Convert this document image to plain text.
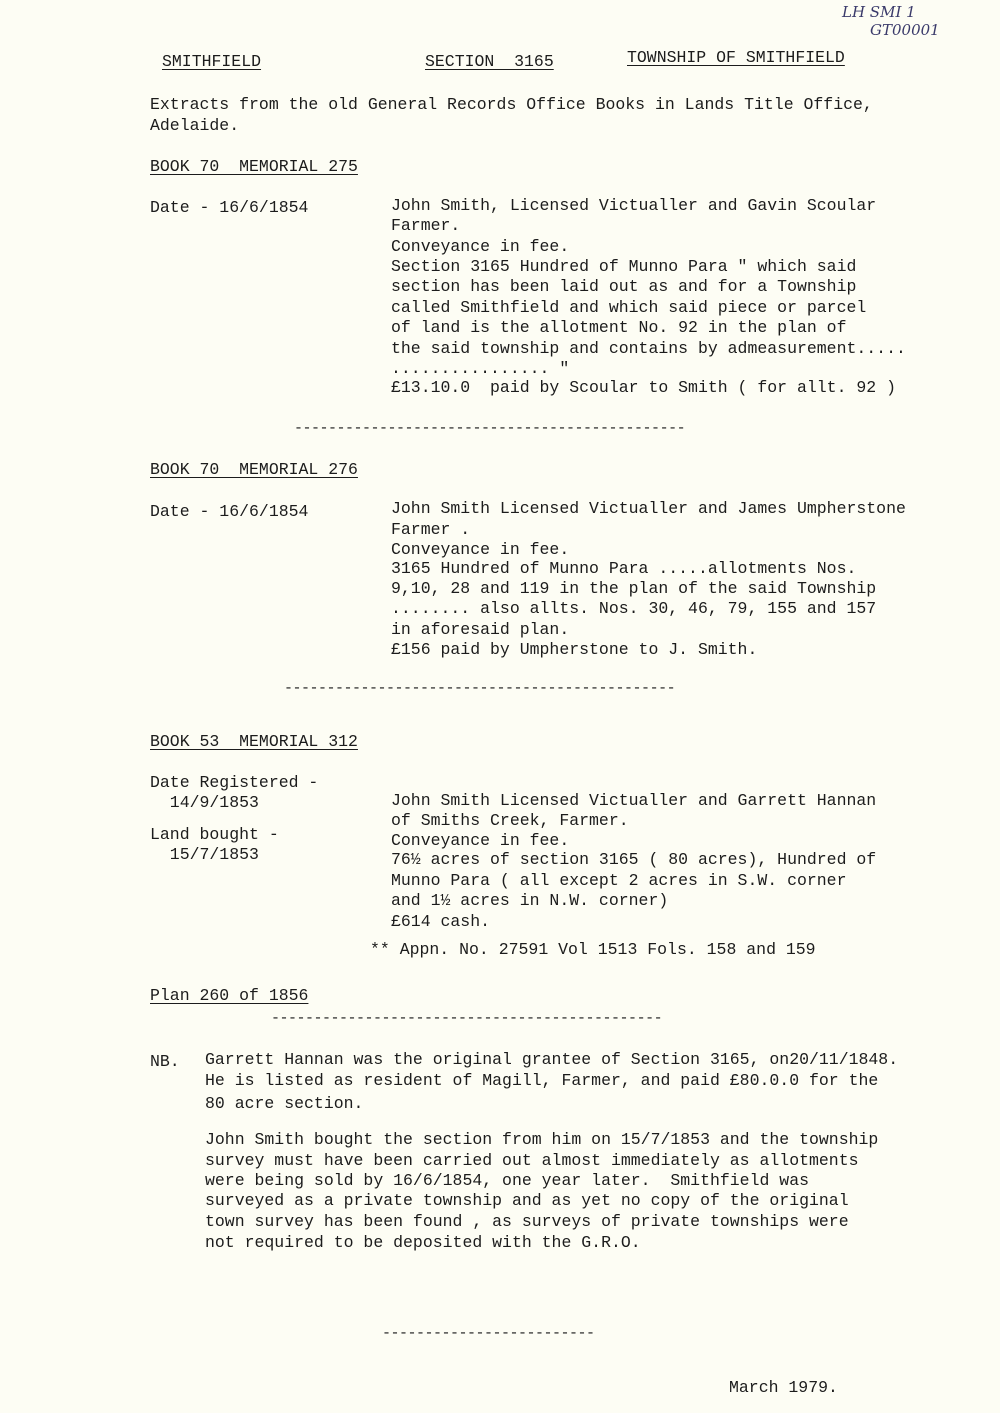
LH SMI 1
GT00001
SMITHFIELD	SECTION  3165	TOWNSHIP OF SMITHFIELD
Extracts from the old General Records Office Books in Lands Title Office,
Adelaide.
BOOK 70  MEMORIAL 275
Date - 16/6/1854	John Smith, Licensed Victualler and Gavin Scoular
Farmer.
Conveyance in fee.
Section 3165 Hundred of Munno Para " which said
section has been laid out as and for a Township
called Smithfield and which said piece or parcel
of land is the allotment No. 92 in the plan of
the said township and contains by admeasurement.....
................ "
£13.10.0  paid by Scoular to Smith ( for allt. 92 )
----------------------------------------------
BOOK 70  MEMORIAL 276
Date - 16/6/1854	John Smith Licensed Victualler and James Umpherstone
Farmer .
Conveyance in fee.
3165 Hundred of Munno Para .....allotments Nos.
9,10, 28 and 119 in the plan of the said Township
........ also allts. Nos. 30, 46, 79, 155 and 157
in aforesaid plan.
£156 paid by Umpherstone to J. Smith.
----------------------------------------------
BOOK 53  MEMORIAL 312
Date Registered -
14/9/1853
Land bought -
15/7/1853
John Smith Licensed Victualler and Garrett Hannan
of Smiths Creek, Farmer.
Conveyance in fee.
76½ acres of section 3165 ( 80 acres), Hundred of
Munno Para ( all except 2 acres in S.W. corner
and 1½ acres in N.W. corner)
£614 cash.
** Appn. No. 27591 Vol 1513 Fols. 158 and 159
Plan 260 of 1856
----------------------------------------------
NB. Garrett Hannan was the original grantee of Section 3165, on20/11/1848.
He is listed as resident of Magill, Farmer, and paid £80.0.0 for the
80 acre section.
John Smith bought the section from him on 15/7/1853 and the township
survey must have been carried out almost immediately as allotments
were being sold by 16/6/1854, one year later.  Smithfield was
surveyed as a private township and as yet no copy of the original
town survey has been found , as surveys of private townships were
not required to be deposited with the G.R.O.
-------------------------
March 1979.
